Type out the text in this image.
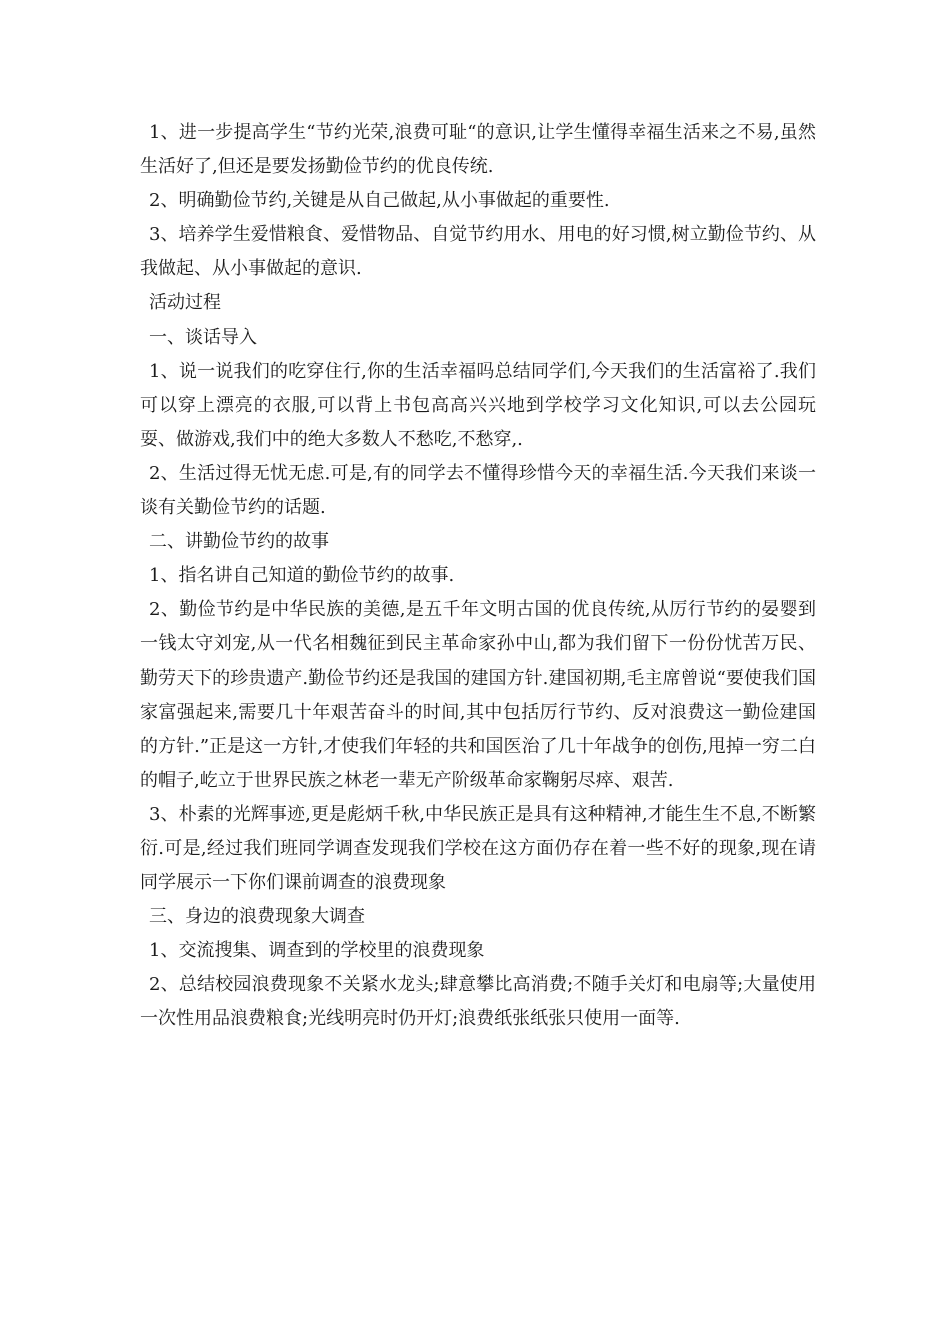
1、进一步提高学生“节约光荣,浪费可耻“的意识,让学生懂得幸福生活来之不易,虽然生活好了,但还是要发扬勤俭节约的优良传统.

2、明确勤俭节约,关键是从自己做起,从小事做起的重要性.

3、培养学生爱惜粮食、爱惜物品、自觉节约用水、用电的好习惯,树立勤俭节约、从我做起、从小事做起的意识.

活动过程

一、谈话导入

1、说一说我们的吃穿住行,你的生活幸福吗总结同学们,今天我们的生活富裕了.我们可以穿上漂亮的衣服,可以背上书包高高兴兴地到学校学习文化知识,可以去公园玩耍、做游戏,我们中的绝大多数人不愁吃,不愁穿,.

2、生活过得无忧无虑.可是,有的同学去不懂得珍惜今天的幸福生活.今天我们来谈一谈有关勤俭节约的话题.

二、讲勤俭节约的故事

1、指名讲自己知道的勤俭节约的故事.

2、勤俭节约是中华民族的美德,是五千年文明古国的优良传统,从厉行节约的晏婴到一钱太守刘宠,从一代名相魏征到民主革命家孙中山,都为我们留下一份份忧苦万民、勤劳天下的珍贵遗产.勤俭节约还是我国的建国方针.建国初期,毛主席曾说“要使我们国家富强起来,需要几十年艰苦奋斗的时间,其中包括厉行节约、反对浪费这一勤俭建国的方针.”正是这一方针,才使我们年轻的共和国医治了几十年战争的创伤,甩掉一穷二白的帽子,屹立于世界民族之林老一辈无产阶级革命家鞠躬尽瘁、艰苦.

3、朴素的光辉事迹,更是彪炳千秋,中华民族正是具有这种精神,才能生生不息,不断繁衍.可是,经过我们班同学调查发现我们学校在这方面仍存在着一些不好的现象,现在请同学展示一下你们课前调查的浪费现象

三、身边的浪费现象大调查

1、交流搜集、调查到的学校里的浪费现象

2、总结校园浪费现象不关紧水龙头;肆意攀比高消费;不随手关灯和电扇等;大量使用一次性用品浪费粮食;光线明亮时仍开灯;浪费纸张纸张只使用一面等.
